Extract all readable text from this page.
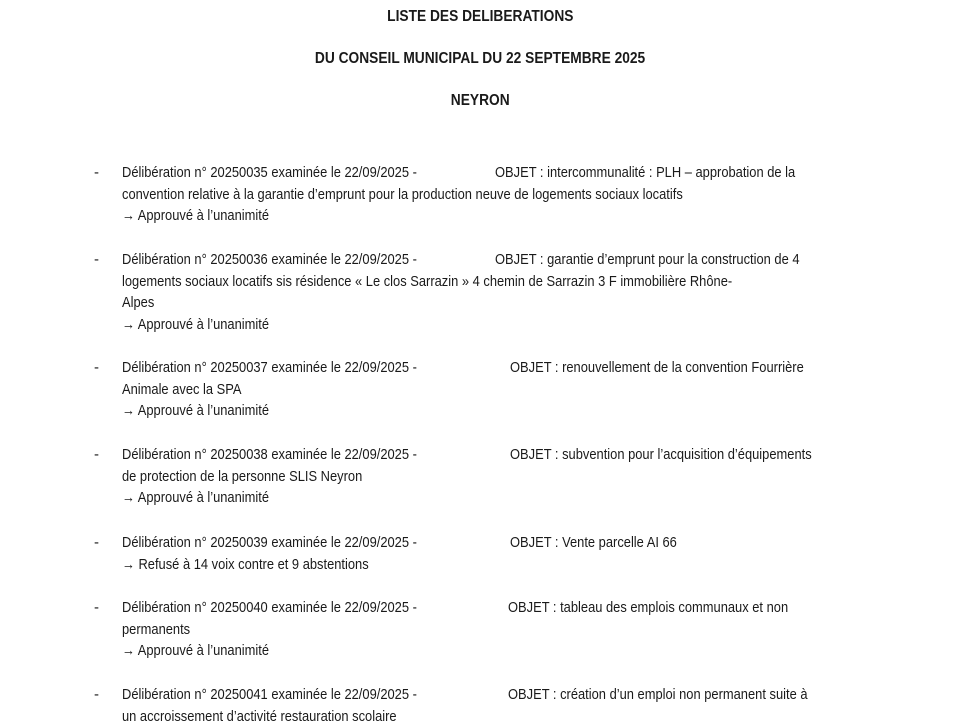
LISTE DES DELIBERATIONS
DU CONSEIL MUNICIPAL DU 22 SEPTEMBRE 2025
NEYRON
- Délibération n° 20250035 examinée le 22/09/2025 -	OBJET : intercommunalité : PLH – approbation de la
convention relative à la garantie d’emprunt pour la production neuve de logements sociaux locatifs
→ Approuvé à l’unanimité
- Délibération n° 20250036 examinée le 22/09/2025 -	OBJET : garantie d’emprunt pour la construction de 4
logements sociaux locatifs sis résidence « Le clos Sarrazin » 4 chemin de Sarrazin 3 F immobilière Rhône-
Alpes
→ Approuvé à l’unanimité
- Délibération n° 20250037 examinée le 22/09/2025 -	OBJET : renouvellement de la convention Fourrière
Animale avec la SPA
→ Approuvé à l’unanimité
- Délibération n° 20250038 examinée le 22/09/2025 -	OBJET : subvention pour l’acquisition d’équipements
de protection de la personne SLIS Neyron
→ Approuvé à l’unanimité
- Délibération n° 20250039 examinée le 22/09/2025 -	OBJET : Vente parcelle AI 66
→ Refusé à 14 voix contre et 9 abstentions
- Délibération n° 20250040 examinée le 22/09/2025 -	OBJET : tableau des emplois communaux et non
permanents
→ Approuvé à l’unanimité
- Délibération n° 20250041 examinée le 22/09/2025 -	OBJET : création d’un emploi non permanent suite à
un accroissement d’activité restauration scolaire
